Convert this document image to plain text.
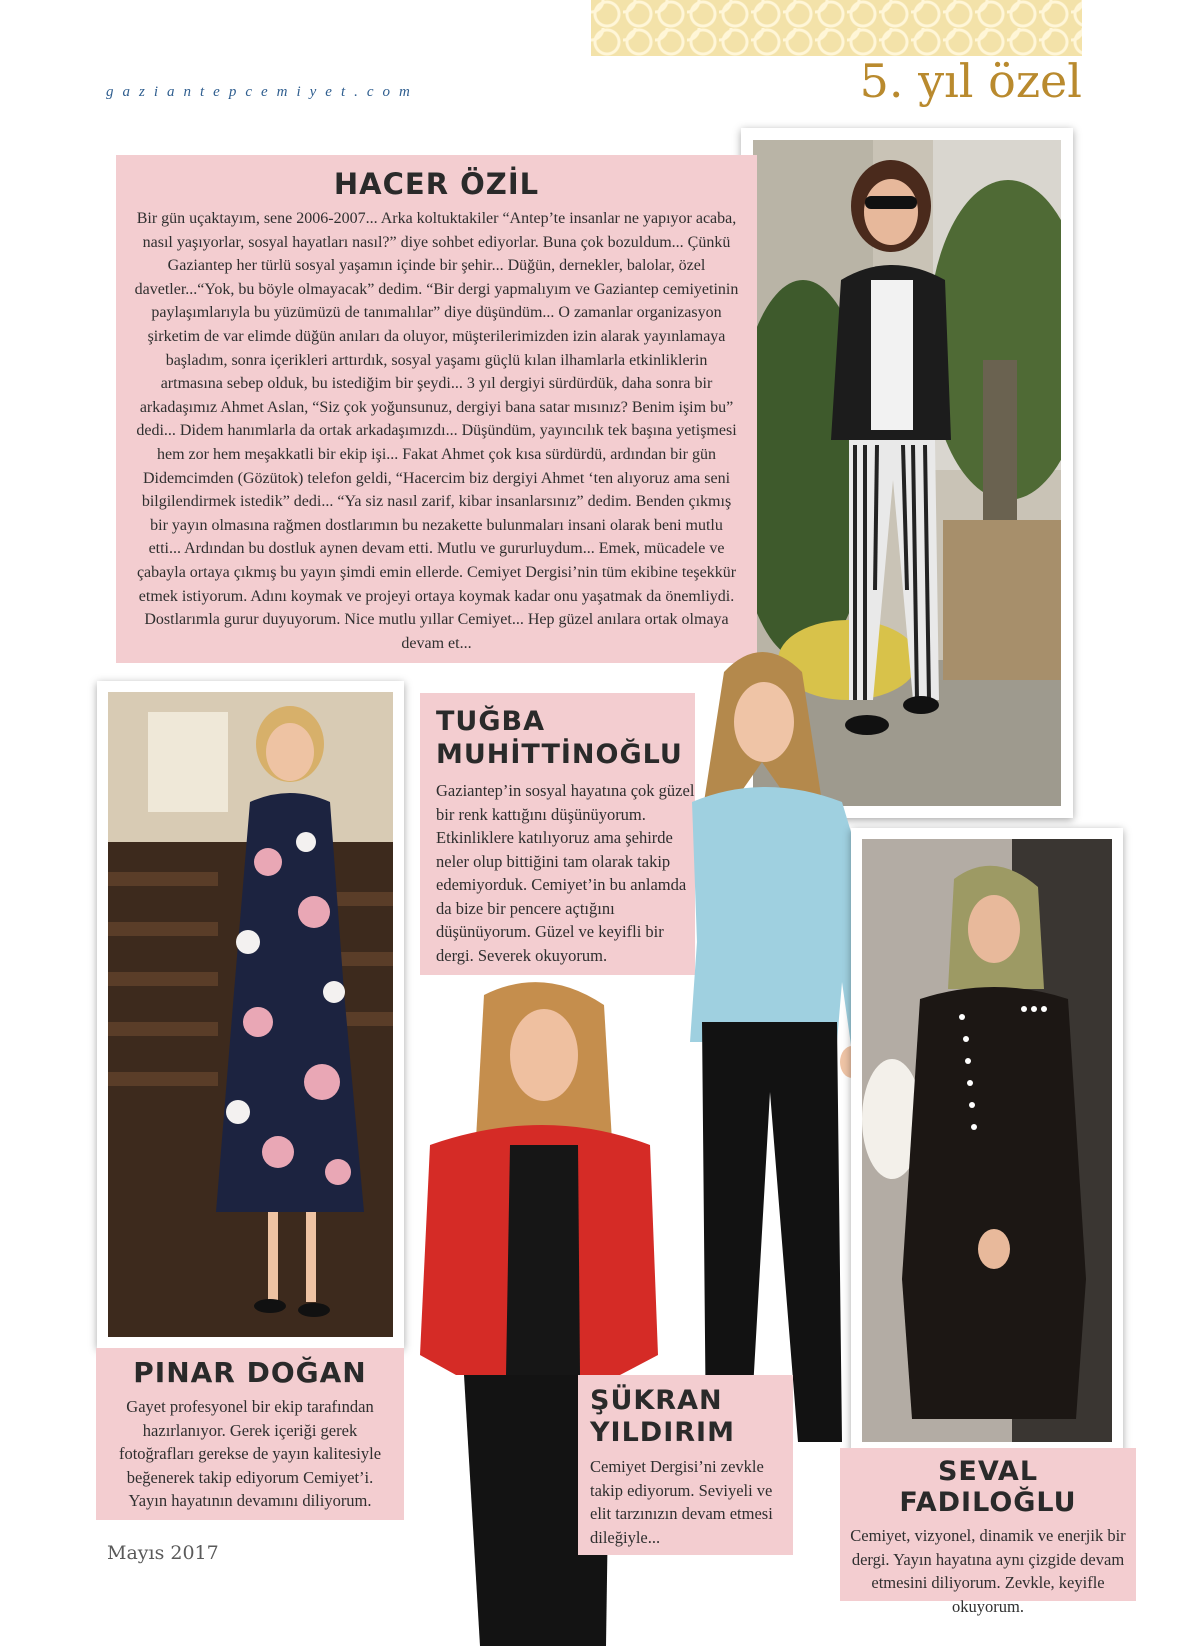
gaziantepcemiyet.com	5. yıl özel
HACER ÖZİL

Bir gün uçaktayım, sene 2006-2007... Arka koltuktakiler “Antep’te insanlar ne yapıyor acaba, nasıl yaşıyorlar, sosyal hayatları nasıl?” diye sohbet ediyorlar. Buna çok bozuldum... Çünkü Gaziantep her türlü sosyal yaşamın içinde bir şehir... Düğün, dernekler, balolar, özel davetler...“Yok, bu böyle olmayacak” dedim. “Bir dergi yapmalıyım ve Gaziantep cemiyetinin paylaşımlarıyla bu yüzümüzü de tanımalılar” diye düşündüm... O zamanlar organizasyon şirketim de var elimde düğün anıları da oluyor, müşterilerimizden izin alarak yayınlamaya başladım, sonra içerikleri arttırdık, sosyal yaşamı güçlü kılan ilhamlarla etkinliklerin artmasına sebep olduk, bu istediğim bir şeydi... 3 yıl dergiyi sürdürdük, daha sonra bir arkadaşımız Ahmet Aslan, “Siz çok yoğunsunuz, dergiyi bana satar mısınız? Benim işim bu” dedi... Didem hanımlarla da ortak arkadaşımızdı... Düşündüm, yayıncılık tek başına yetişmesi hem zor hem meşakkatli bir ekip işi... Fakat Ahmet çok kısa sürdürdü, ardından bir gün Didemcimden (Gözütok) telefon geldi, “Hacercim biz dergiyi Ahmet ‘ten alıyoruz ama seni bilgilendirmek istedik” dedi... “Ya siz nasıl zarif, kibar insanlarsınız” dedim. Benden çıkmış bir yayın olmasına rağmen dostlarımın bu nezakette bulunmaları insani olarak beni mutlu etti... Ardından bu dostluk aynen devam etti. Mutlu ve gururluydum... Emek, mücadele ve çabayla ortaya çıkmış bu yayın şimdi emin ellerde. Cemiyet Dergisi’nin tüm ekibine teşekkür etmek istiyorum. Adını koymak ve projeyi ortaya koymak kadar onu yaşatmak da önemliydi. Dostlarımla gurur duyuyorum. Nice mutlu yıllar Cemiyet... Hep güzel anılara ortak olmaya devam et...

PINAR DOĞAN

Gayet profesyonel bir ekip tarafından hazırlanıyor. Gerek içeriği gerek fotoğrafları gerekse de yayın kalitesiyle beğenerek takip ediyorum Cemiyet’i. Yayın hayatının devamını diliyorum.

TUĞBA
MUHİTTİNOĞLU

Gaziantep’in sosyal hayatına çok güzel bir renk kattığını düşünüyorum. Etkinliklere katılıyoruz ama şehirde neler olup bittiğini tam olarak takip edemiyorduk. Cemiyet’in bu anlamda da bize bir pencere açtığını düşünüyorum. Güzel ve keyifli bir dergi. Severek okuyorum.

SEVAL FADILOĞLU

Cemiyet, vizyonel, dinamik ve enerjik bir dergi. Yayın hayatına aynı çizgide devam etmesini diliyorum. Zevkle, keyifle okuyorum.

ŞÜKRAN
YILDIRIM

Cemiyet Dergisi’ni zevkle takip ediyorum. Seviyeli ve elit tarzınızın devam etmesi dileğiyle...

Mayıs 2017
